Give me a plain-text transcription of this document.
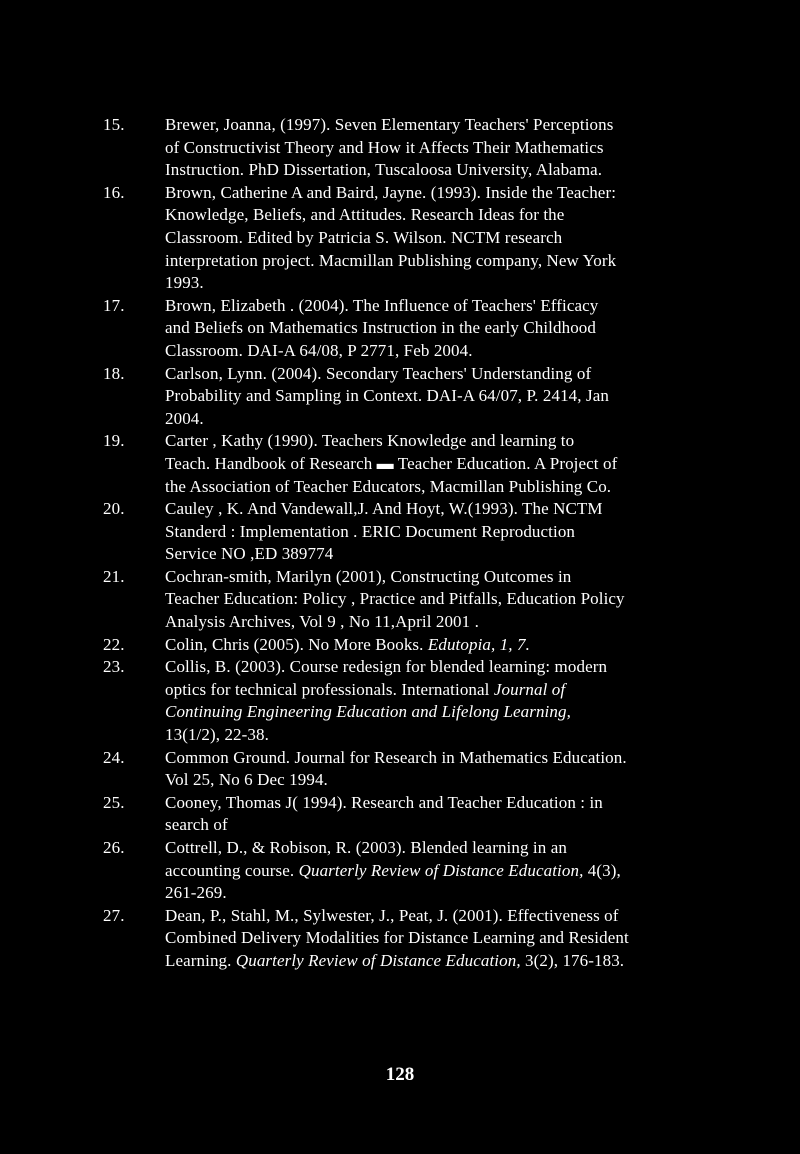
15.	Brewer, Joanna, (1997). Seven Elementary Teachers' Perceptions
of Constructivist Theory and How it Affects Their Mathematics
Instruction. PhD Dissertation, Tuscaloosa University, Alabama.
16.	Brown, Catherine A and Baird, Jayne. (1993). Inside the Teacher:
Knowledge, Beliefs, and Attitudes. Research Ideas for the
Classroom. Edited by Patricia S. Wilson. NCTM research
interpretation project. Macmillan Publishing company, New York
1993.
17.	Brown, Elizabeth . (2004). The Influence of Teachers' Efficacy
and Beliefs on Mathematics Instruction in the early Childhood
Classroom. DAI-A 64/08, P 2771, Feb 2004.
18.	Carlson, Lynn. (2004). Secondary Teachers' Understanding of
Probability and Sampling in Context. DAI-A 64/07, P. 2414, Jan
2004.
19.	Carter , Kathy (1990). Teachers Knowledge and learning to
Teach. Handbook of Research ▬ Teacher Education. A Project of
the Association of Teacher Educators, Macmillan Publishing Co.
20.	Cauley , K. And Vandewall,J. And Hoyt, W.(1993). The NCTM
Standerd : Implementation . ERIC Document Reproduction
Service NO ,ED 389774
21.	Cochran-smith, Marilyn (2001), Constructing Outcomes in
Teacher Education: Policy , Practice and Pitfalls, Education Policy
Analysis Archives, Vol 9 , No 11,April 2001 .
22.	Colin, Chris (2005). No More Books. Edutopia, 1, 7.
23.	Collis, B. (2003). Course redesign for blended learning: modern
optics for technical professionals. International Journal of
Continuing Engineering Education and Lifelong Learning,
13(1/2), 22-38.
24.	Common Ground. Journal for Research in Mathematics Education.
Vol 25, No 6 Dec 1994.
25.	Cooney, Thomas J( 1994). Research and Teacher Education : in
search of
26.	Cottrell, D., & Robison, R. (2003). Blended learning in an
accounting course. Quarterly Review of Distance Education, 4(3),
261-269.
27.	Dean, P., Stahl, M., Sylwester, J., Peat, J. (2001). Effectiveness of
Combined Delivery Modalities for Distance Learning and Resident
Learning. Quarterly Review of Distance Education, 3(2), 176-183.
128
